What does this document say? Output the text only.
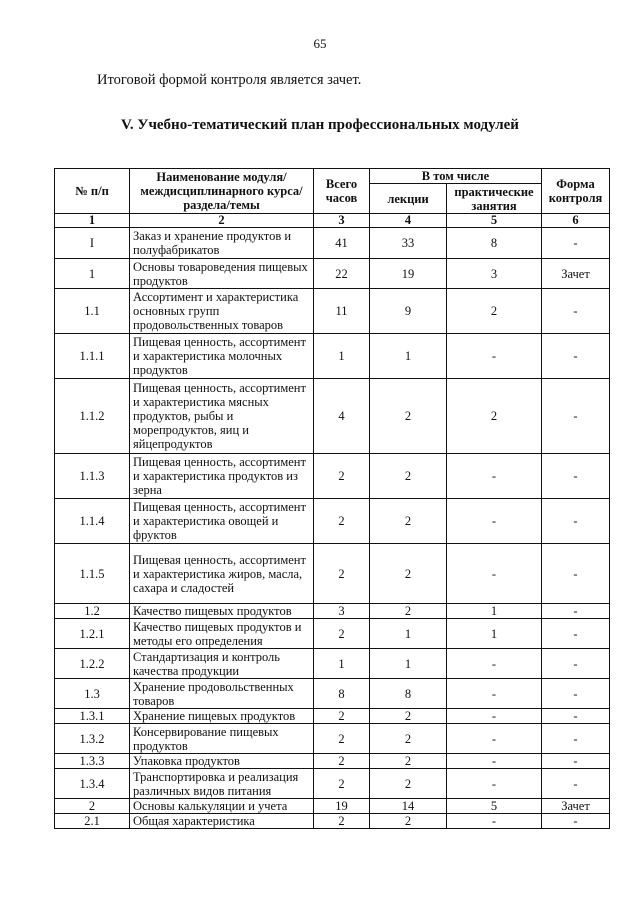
65
Итоговой формой контроля является зачет.
V. Учебно-тематический план профессиональных модулей
№ п/п	Наименование модуля/междисциплинарного курса/раздела/темы	Всего часов	В том числе		Форма контроля
			лекции	практические занятия	
1	2	3	4	5	6
I	Заказ и хранение продуктов и полуфабрикатов	41	33	8	-
1	Основы товароведения пищевых продуктов	22	19	3	Зачет
1.1	Ассортимент и характеристика основных групп продовольственных товаров	11	9	2	-
1.1.1	Пищевая ценность, ассортимент и характеристика молочных продуктов	1	1	-	-
1.1.2	Пищевая ценность, ассортимент и характеристика мясных продуктов, рыбы и морепродуктов, яиц и яйцепродуктов	4	2	2	-
1.1.3	Пищевая ценность, ассортимент и характеристика продуктов из зерна	2	2	-	-
1.1.4	Пищевая ценность, ассортимент и характеристика овощей и фруктов	2	2	-	-
1.1.5	Пищевая ценность, ассортимент и характеристика жиров, масла, сахара и сладостей	2	2	-	-
1.2	Качество пищевых продуктов	3	2	1	-
1.2.1	Качество пищевых продуктов и методы его определения	2	1	1	-
1.2.2	Стандартизация и контроль качества продукции	1	1	-	-
1.3	Хранение продовольственных товаров	8	8	-	-
1.3.1	Хранение пищевых продуктов	2	2	-	-
1.3.2	Консервирование пищевых продуктов	2	2	-	-
1.3.3	Упаковка продуктов	2	2	-	-
1.3.4	Транспортировка и реализация различных видов питания	2	2	-	-
2	Основы калькуляции и учета	19	14	5	Зачет
2.1	Общая характеристика	2	2	-	-
